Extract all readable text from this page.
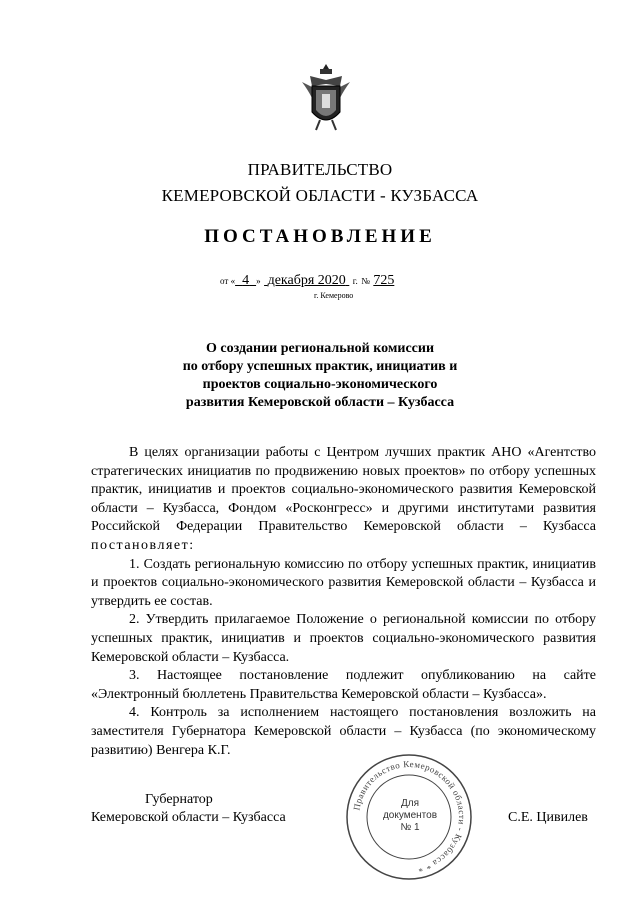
ПРАВИТЕЛЬСТВО
КЕМЕРОВСКОЙ ОБЛАСТИ - КУЗБАССА
ПОСТАНОВЛЕНИЕ
от « 4 » декабря 2020 г. № 725
г. Кемерово
О создании региональной комиссии
по отбору успешных практик, инициатив и
проектов социально-экономического
развития Кемеровской области – Кузбасса

В целях организации работы с Центром лучших практик АНО «Агентство стратегических инициатив по продвижению новых проектов» по отбору успешных практик, инициатив и проектов социально-экономического развития Кемеровской области – Кузбасса, Фондом «Росконгресс» и другими институтами развития Российской Федерации Правительство Кемеровской области – Кузбасса постановляет:

1. Создать региональную комиссию по отбору успешных практик, инициатив и проектов социально-экономического развития Кемеровской области – Кузбасса и утвердить ее состав.

2. Утвердить прилагаемое Положение о региональной комиссии по отбору успешных практик, инициатив и проектов социально-экономического развития Кемеровской области – Кузбасса.

3. Настоящее постановление подлежит опубликованию на сайте «Электронный бюллетень Правительства Кемеровской области – Кузбасса».

4. Контроль за исполнением настоящего постановления возложить на заместителя Губернатора Кемеровской области – Кузбасса (по экономическому развитию) Венгера К.Г.

Губернатор
Кемеровской области – Кузбасса	С.Е. Цивилев
Правительство Кемеровской области - Кузбасса * *
Для
документов
№ 1
